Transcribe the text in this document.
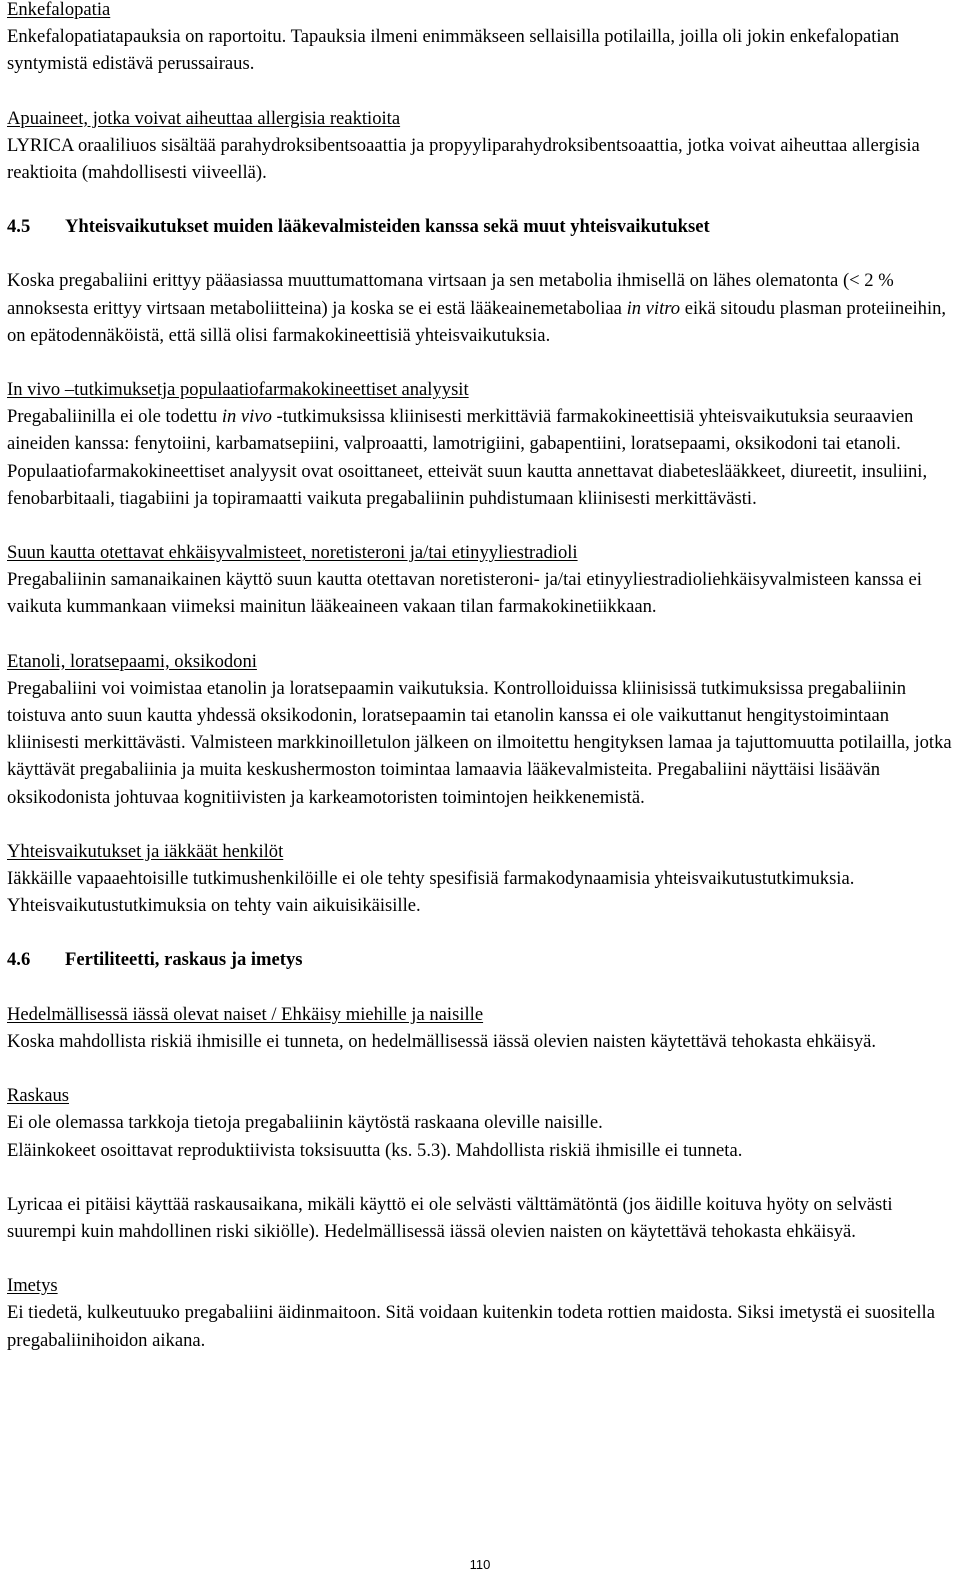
Enkefalopatia

Enkefalopatiatapauksia on raportoitu. Tapauksia ilmeni enimmäkseen sellaisilla potilailla, joilla oli jokin enkefalopatian syntymistä edistävä perussairaus.

Apuaineet, jotka voivat aiheuttaa allergisia reaktioita

LYRICA oraaliliuos sisältää parahydroksibentsoaattia ja propyyliparahydroksibentsoaattia, jotka voivat aiheuttaa allergisia reaktioita (mahdollisesti viiveellä).

4.5	Yhteisvaikutukset muiden lääkevalmisteiden kanssa sekä muut yhteisvaikutukset

Koska pregabaliini erittyy pääasiassa muuttumattomana virtsaan ja sen metabolia ihmisellä on lähes olematonta (< 2 % annoksesta erittyy virtsaan metaboliitteina) ja koska se ei estä lääkeainemetaboliaa in vitro eikä sitoudu plasman proteiineihin, on epätodennäköistä, että sillä olisi farmakokineettisiä yhteisvaikutuksia.

In vivo –tutkimuksetja populaatiofarmakokineettiset analyysit

Pregabaliinilla ei ole todettu in vivo -tutkimuksissa kliinisesti merkittäviä farmakokineettisiä yhteisvaikutuksia seuraavien aineiden kanssa: fenytoiini, karbamatsepiini, valproaatti, lamotrigiini, gabapentiini, loratsepaami, oksikodoni tai etanoli. Populaatiofarmakokineettiset analyysit ovat osoittaneet, etteivät suun kautta annettavat diabeteslääkkeet, diureetit, insuliini, fenobarbitaali, tiagabiini ja topiramaatti vaikuta pregabaliinin puhdistumaan kliinisesti merkittävästi.

Suun kautta otettavat ehkäisyvalmisteet, noretisteroni ja/tai etinyyliestradioli

Pregabaliinin samanaikainen käyttö suun kautta otettavan noretisteroni- ja/tai etinyyliestradioliehkäisyvalmisteen kanssa ei vaikuta kummankaan viimeksi mainitun lääkeaineen vakaan tilan farmakokinetiikkaan.

Etanoli, loratsepaami, oksikodoni

Pregabaliini voi voimistaa etanolin ja loratsepaamin vaikutuksia. Kontrolloiduissa kliinisissä tutkimuksissa pregabaliinin toistuva anto suun kautta yhdessä oksikodonin, loratsepaamin tai etanolin kanssa ei ole vaikuttanut hengitystoimintaan kliinisesti merkittävästi. Valmisteen markkinoilletulon jälkeen on ilmoitettu hengityksen lamaa ja tajuttomuutta potilailla, jotka käyttävät pregabaliinia ja muita keskushermoston toimintaa lamaavia lääkevalmisteita. Pregabaliini näyttäisi lisäävän oksikodonista johtuvaa kognitiivisten ja karkeamotoristen toimintojen heikkenemistä.

Yhteisvaikutukset ja iäkkäät henkilöt

Iäkkäille vapaaehtoisille tutkimushenkilöille ei ole tehty spesifisiä farmakodynaamisia yhteisvaikutustutkimuksia. Yhteisvaikutustutkimuksia on tehty vain aikuisikäisille.

4.6	Fertiliteetti, raskaus ja imetys

Hedelmällisessä iässä olevat naiset / Ehkäisy miehille ja naisille

Koska mahdollista riskiä ihmisille ei tunneta, on hedelmällisessä iässä olevien naisten käytettävä tehokasta ehkäisyä.

Raskaus

Ei ole olemassa tarkkoja tietoja pregabaliinin käytöstä raskaana oleville naisille.

Eläinkokeet osoittavat reproduktiivista toksisuutta (ks. 5.3). Mahdollista riskiä ihmisille ei tunneta.

Lyricaa ei pitäisi käyttää raskausaikana, mikäli käyttö ei ole selvästi välttämätöntä (jos äidille koituva hyöty on selvästi suurempi kuin mahdollinen riski sikiölle). Hedelmällisessä iässä olevien naisten on käytettävä tehokasta ehkäisyä.

Imetys

Ei tiedetä, kulkeutuuko pregabaliini äidinmaitoon. Sitä voidaan kuitenkin todeta rottien maidosta. Siksi imetystä ei suositella pregabaliinihoidon aikana.

110
